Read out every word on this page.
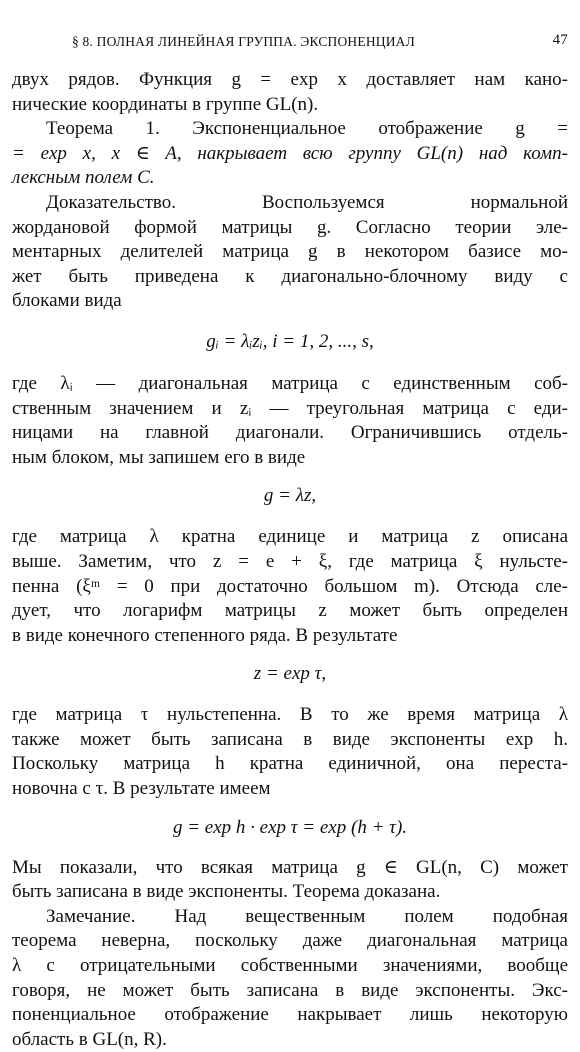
§ 8. ПОЛНАЯ ЛИНЕЙНАЯ ГРУППА. ЭКСПОНЕНЦИАЛ	47
двух рядов. Функция g = exp x доставляет нам кано-
нические координаты в группе GL(n).
Теорема 1. Экспоненциальное отображение g =
= exp x, x ∈ A, накрывает всю группу GL(n) над комп-
лексным полем C.
Доказательство. Воспользуемся нормальной
жордановой формой матрицы g. Согласно теории эле-
ментарных делителей матрица g в некотором базисе мо-
жет быть приведена к диагонально-блочному виду с
блоками вида
gᵢ = λᵢzᵢ, i = 1, 2, ..., s,
где λᵢ — диагональная матрица с единственным соб-
ственным значением и zᵢ — треугольная матрица с еди-
ницами на главной диагонали. Ограничившись отдель-
ным блоком, мы запишем его в виде
g = λz,
где матрица λ кратна единице и матрица z описана
выше. Заметим, что z = e + ξ, где матрица ξ нульсте-
пенна (ξᵐ = 0 при достаточно большом m). Отсюда сле-
дует, что логарифм матрицы z может быть определен
в виде конечного степенного ряда. В результате
z = exp τ,
где матрица τ нульстепенна. В то же время матрица λ
также может быть записана в виде экспоненты exp h.
Поскольку матрица h кратна единичной, она переста-
новочна с τ. В результате имеем
g = exp h · exp τ = exp (h + τ).
Мы показали, что всякая матрица g ∈ GL(n, C) может
быть записана в виде экспоненты. Теорема доказана.
Замечание. Над вещественным полем подобная
теорема неверна, поскольку даже диагональная матрица
λ с отрицательными собственными значениями, вообще
говоря, не может быть записана в виде экспоненты. Экс-
поненциальное отображение накрывает лишь некоторую
область в GL(n, R).
